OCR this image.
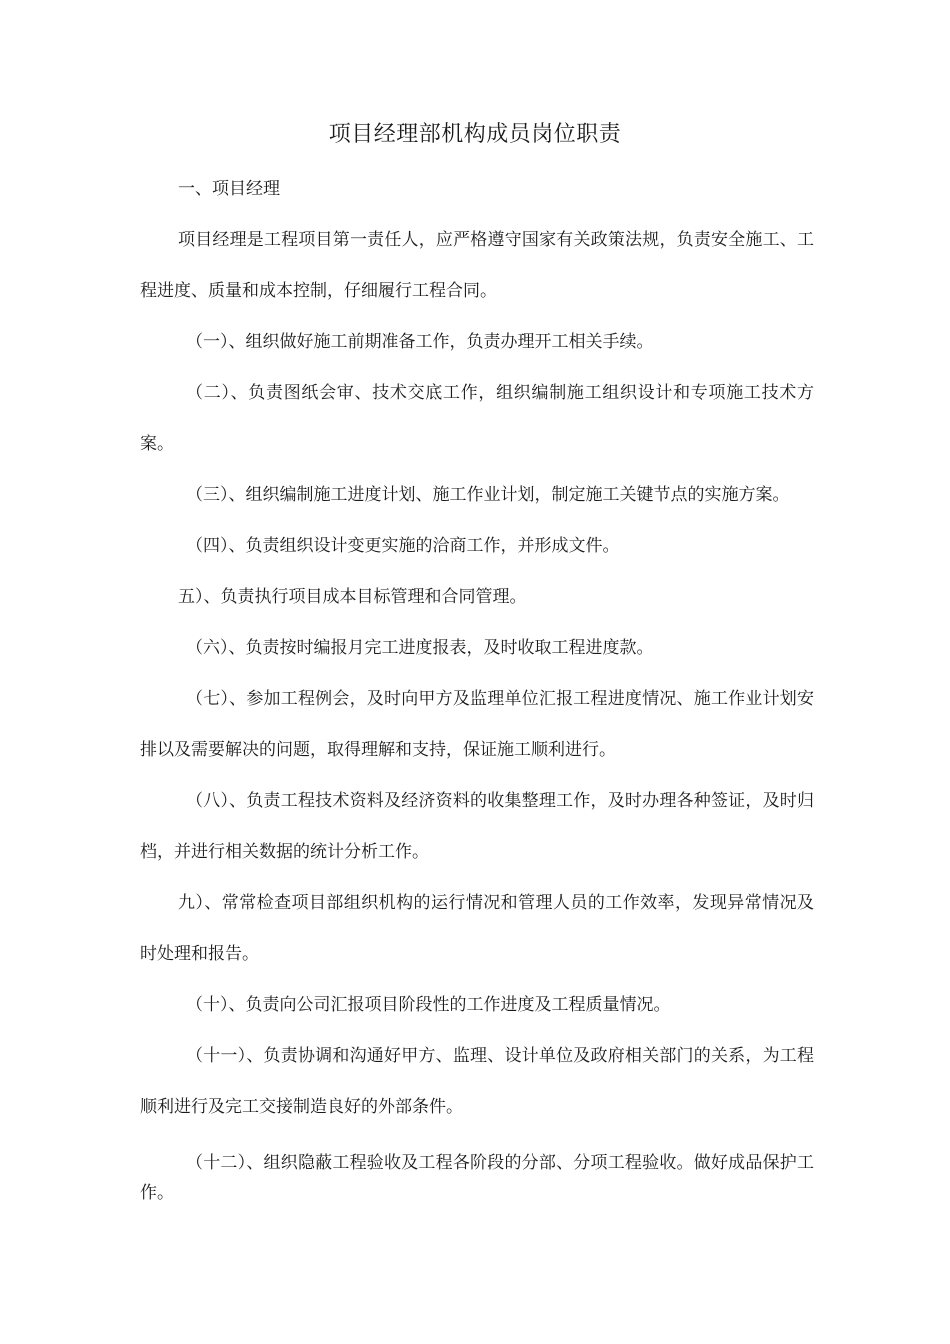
项目经理部机构成员岗位职责

一、项目经理

项目经理是工程项目第一责任人，应严格遵守国家有关政策法规，负责安全施工、工程进度、质量和成本控制，仔细履行工程合同。

（一）、组织做好施工前期准备工作，负责办理开工相关手续。

（二）、负责图纸会审、技术交底工作，组织编制施工组织设计和专项施工技术方案。

（三）、组织编制施工进度计划、施工作业计划，制定施工关键节点的实施方案。

（四）、负责组织设计变更实施的洽商工作，并形成文件。

五）、负责执行项目成本目标管理和合同管理。

（六）、负责按时编报月完工进度报表，及时收取工程进度款。

（七）、参加工程例会，及时向甲方及监理单位汇报工程进度情况、施工作业计划安排以及需要解决的问题，取得理解和支持，保证施工顺利进行。

（八）、负责工程技术资料及经济资料的收集整理工作，及时办理各种签证，及时归档，并进行相关数据的统计分析工作。

九）、常常检查项目部组织机构的运行情况和管理人员的工作效率，发现异常情况及时处理和报告。

（十）、负责向公司汇报项目阶段性的工作进度及工程质量情况。

（十一）、负责协调和沟通好甲方、监理、设计单位及政府相关部门的关系，为工程顺利进行及完工交接制造良好的外部条件。

（十二）、组织隐蔽工程验收及工程各阶段的分部、分项工程验收。做好成品保护工作。
